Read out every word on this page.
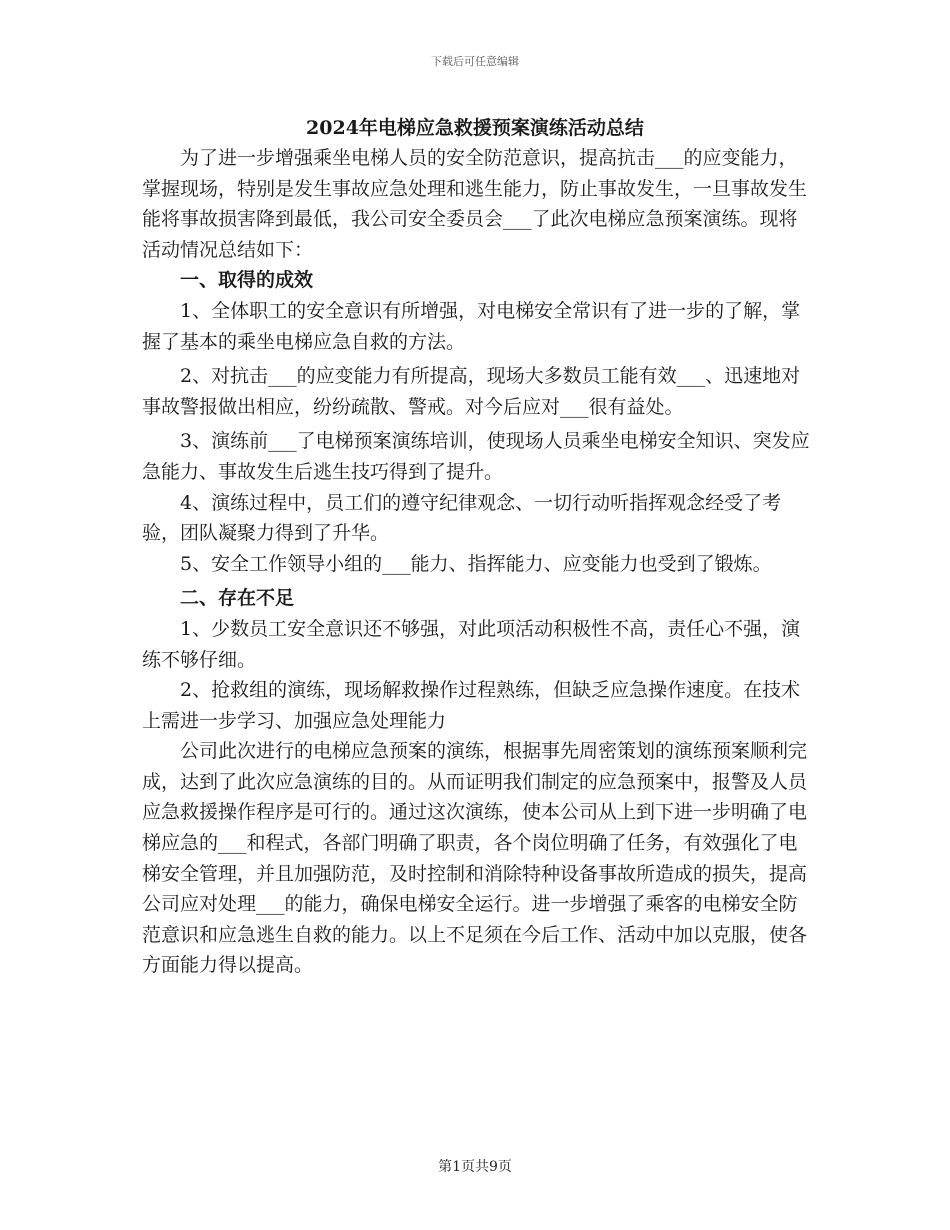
下载后可任意编辑
2024年电梯应急救援预案演练活动总结

为了进一步增强乘坐电梯人员的安全防范意识，提高抗击___的应变能力，掌握现场，特别是发生事故应急处理和逃生能力，防止事故发生，一旦事故发生能将事故损害降到最低，我公司安全委员会___了此次电梯应急预案演练。现将活动情况总结如下：

一、取得的成效

1、全体职工的安全意识有所增强，对电梯安全常识有了进一步的了解，掌握了基本的乘坐电梯应急自救的方法。

2、对抗击___的应变能力有所提高，现场大多数员工能有效___、迅速地对事故警报做出相应，纷纷疏散、警戒。对今后应对___很有益处。

3、演练前___了电梯预案演练培训，使现场人员乘坐电梯安全知识、突发应急能力、事故发生后逃生技巧得到了提升。

4、演练过程中，员工们的遵守纪律观念、一切行动听指挥观念经受了考验，团队凝聚力得到了升华。

5、安全工作领导小组的___能力、指挥能力、应变能力也受到了锻炼。

二、存在不足

1、少数员工安全意识还不够强，对此项活动积极性不高，责任心不强，演练不够仔细。

2、抢救组的演练，现场解救操作过程熟练，但缺乏应急操作速度。在技术上需进一步学习、加强应急处理能力

公司此次进行的电梯应急预案的演练，根据事先周密策划的演练预案顺利完成，达到了此次应急演练的目的。从而证明我们制定的应急预案中，报警及人员应急救援操作程序是可行的。通过这次演练，使本公司从上到下进一步明确了电梯应急的___和程式，各部门明确了职责，各个岗位明确了任务，有效强化了电梯安全管理，并且加强防范，及时控制和消除特种设备事故所造成的损失，提高公司应对处理___的能力，确保电梯安全运行。进一步增强了乘客的电梯安全防范意识和应急逃生自救的能力。以上不足须在今后工作、活动中加以克服，使各方面能力得以提高。

第1页共9页
